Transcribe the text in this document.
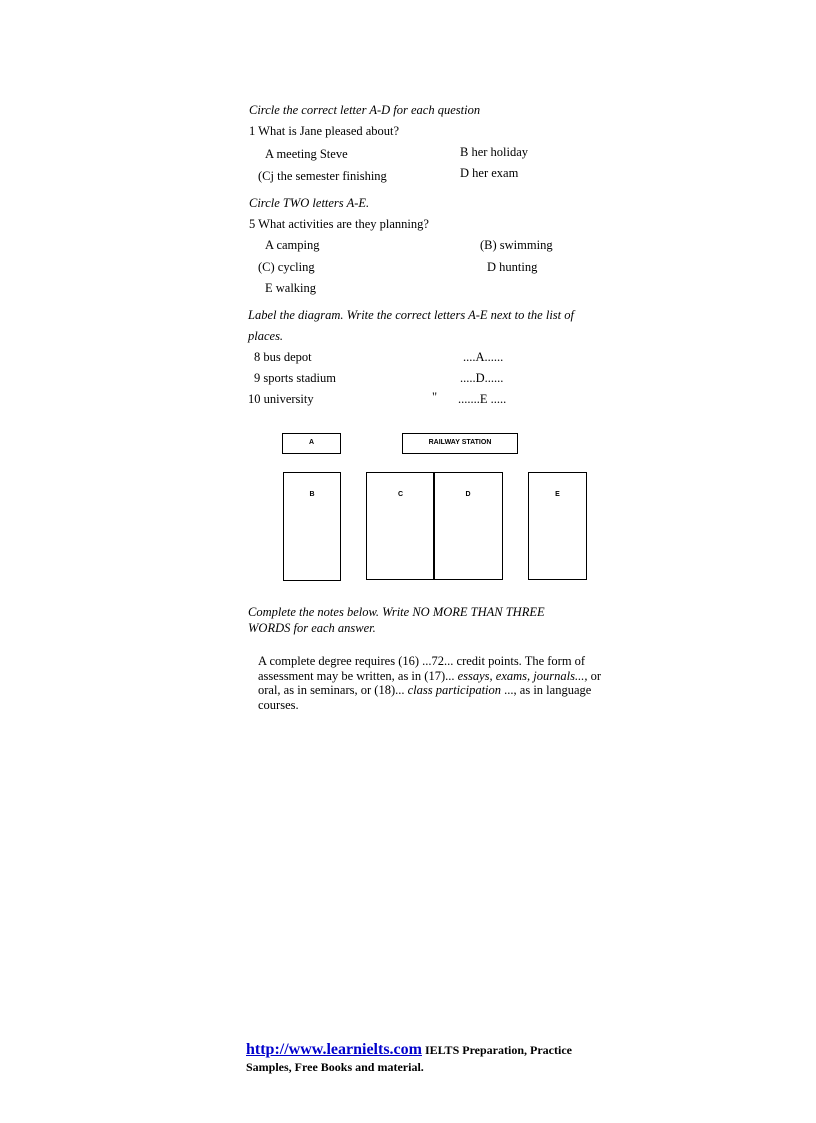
Circle the correct letter A-D for each question
1 What is Jane pleased about?
A meeting Steve	B her holiday
(Cj the semester finishing	D her exam
Circle TWO letters A-E.
5 What activities are they planning?
A camping	(B) swimming
(C) cycling	D hunting
E walking
Label the diagram. Write the correct letters A-E next to the list of
places.
8 bus depot	....A......
9 sports stadium	.....D......
10 university	" .......E .....
A	RAILWAY STATION
B	C	D	E
Complete the notes below. Write NO MORE THAN THREE
WORDS for each answer.
A complete degree requires (16) ...72... credit points. The form of assessment may be written, as in (17)... essays, exams, journals..., or oral, as in seminars, or (18)... class participation ..., as in language courses.
http://www.learnielts.com IELTS Preparation, Practice Samples, Free Books and material.
